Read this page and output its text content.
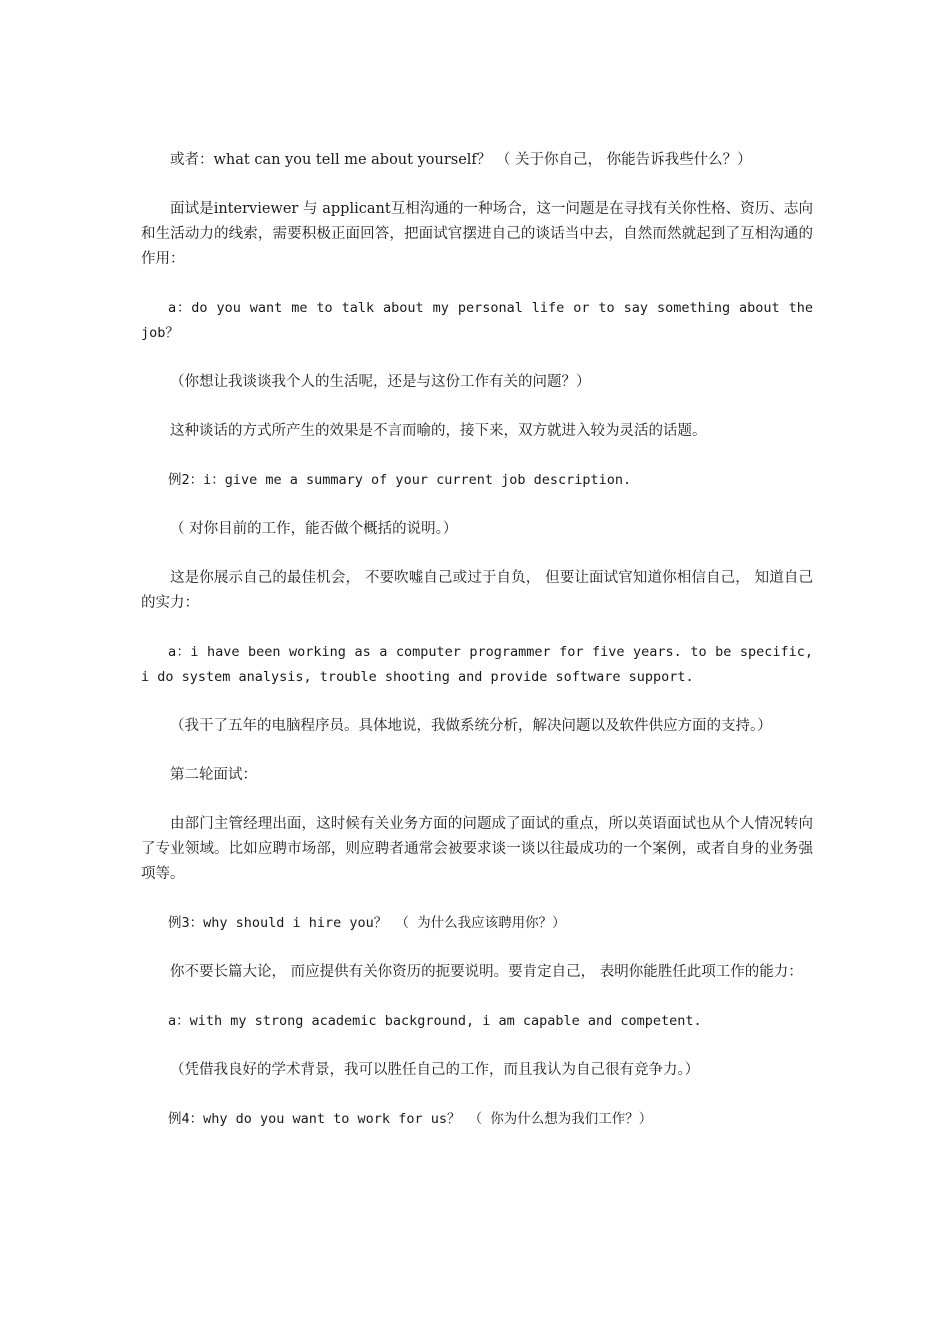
或者：what can you tell me about yourself？ （ 关于你自己， 你能告诉我些什么？）

面试是interviewer 与 applicant互相沟通的一种场合，这一问题是在寻找有关你性格、资历、志向和生活动力的线索，需要积极正面回答，把面试官摆进自己的谈话当中去，自然而然就起到了互相沟通的作用：

a：do you want me to talk about my personal life or to say something about the job？

（你想让我谈谈我个人的生活呢，还是与这份工作有关的问题？）

这种谈话的方式所产生的效果是不言而喻的，接下来，双方就进入较为灵活的话题。

例2：i：give me a summary of your current job description.

（ 对你目前的工作，能否做个概括的说明。）

这是你展示自己的最佳机会， 不要吹嘘自己或过于自负， 但要让面试官知道你相信自己， 知道自己的实力：

a：i have been working as a computer programmer for five years. to be specific, i do system analysis, trouble shooting and provide software support.

（我干了五年的电脑程序员。具体地说，我做系统分析，解决问题以及软件供应方面的支持。）

第二轮面试：

由部门主管经理出面，这时候有关业务方面的问题成了面试的重点，所以英语面试也从个人情况转向了专业领域。比如应聘市场部，则应聘者通常会被要求谈一谈以往最成功的一个案例，或者自身的业务强项等。

例3：why should i hire you？ （ 为什么我应该聘用你？）

你不要长篇大论， 而应提供有关你资历的扼要说明。要肯定自己， 表明你能胜任此项工作的能力：

a：with my strong academic background, i am capable and competent.

（凭借我良好的学术背景，我可以胜任自己的工作，而且我认为自己很有竞争力。）

例4：why do you want to work for us？ （ 你为什么想为我们工作？）
